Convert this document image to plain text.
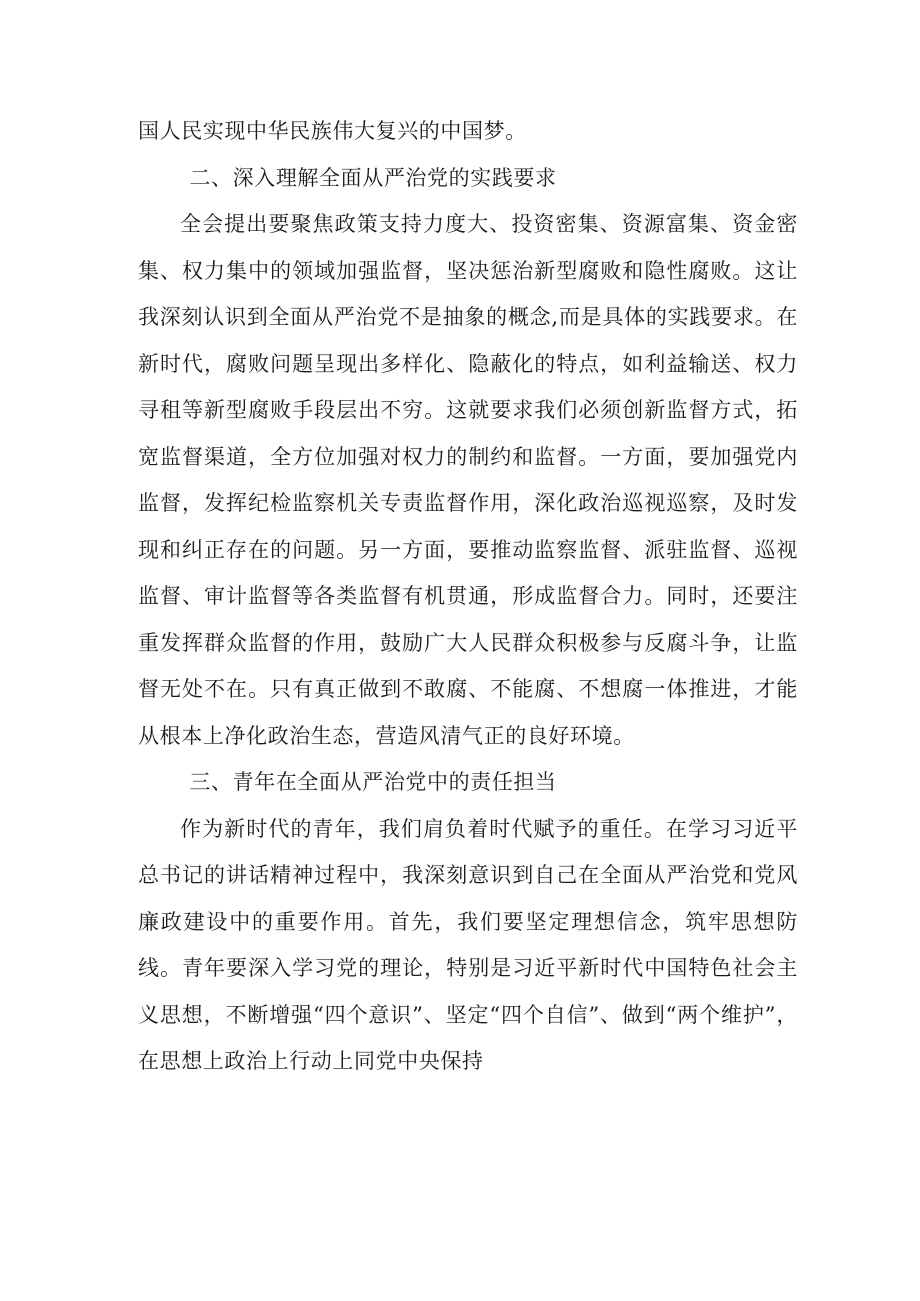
国人民实现中华民族伟大复兴的中国梦。

二、深入理解全面从严治党的实践要求

全会提出要聚焦政策支持力度大、投资密集、资源富集、资金密集、权力集中的领域加强监督，坚决惩治新型腐败和隐性腐败。这让我深刻认识到全面从严治党不是抽象的概念,而是具体的实践要求。在新时代，腐败问题呈现出多样化、隐蔽化的特点，如利益输送、权力寻租等新型腐败手段层出不穷。这就要求我们必须创新监督方式，拓宽监督渠道，全方位加强对权力的制约和监督。一方面，要加强党内监督，发挥纪检监察机关专责监督作用，深化政治巡视巡察，及时发现和纠正存在的问题。另一方面，要推动监察监督、派驻监督、巡视监督、审计监督等各类监督有机贯通，形成监督合力。同时，还要注重发挥群众监督的作用，鼓励广大人民群众积极参与反腐斗争，让监督无处不在。只有真正做到不敢腐、不能腐、不想腐一体推进，才能从根本上净化政治生态，营造风清气正的良好环境。

三、青年在全面从严治党中的责任担当

作为新时代的青年，我们肩负着时代赋予的重任。在学习习近平总书记的讲话精神过程中，我深刻意识到自己在全面从严治党和党风廉政建设中的重要作用。首先，我们要坚定理想信念，筑牢思想防线。青年要深入学习党的理论，特别是习近平新时代中国特色社会主义思想，不断增强“四个意识”、坚定“四个自信”、做到“两个维护”，在思想上政治上行动上同党中央保持
